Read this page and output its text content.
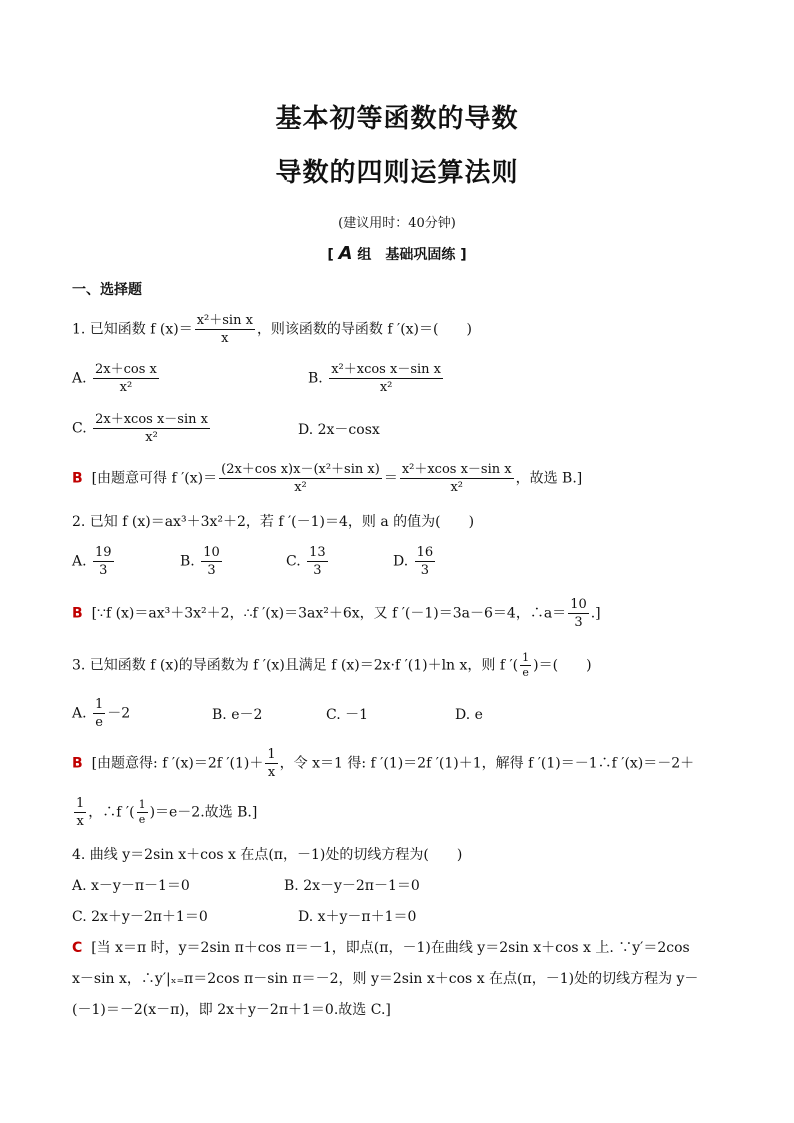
基本初等函数的导数
导数的四则运算法则
(建议用时：40分钟)
[ A 组　基础巩固练 ]
一、选择题
1. 已知函数 f $(x)= \frac{\text{x²＋sin x}}{x}$ ，则该函数的导函数 f ′(x)＝(　　)
A. $\frac{\text{2x＋cos x}}{\text{x²}}$	B. $\frac{\text{x²＋xcos x－sin x}}{\text{x²}}$
C. $\frac{\text{2x＋xcos x－sin x}}{\text{x²}}$	D. 2x－cosx
B [由题意可得 f $'(x)= \frac{\text{(2x＋cos x)x－(x²＋sin x)}}{\text{x²}} = \frac{\text{x²＋xcos x－sin x}}{\text{x²}}$ ，故选 B.]
2. 已知 f (x)＝ax³＋3x²＋2，若 f ′(－1)＝4，则 a 的值为(　　)
A. $\frac{19}{3}$	B. $\frac{10}{3}$	C. $\frac{13}{3}$	D. $\frac{16}{3}$
B [∵f (x)＝ax³＋3x²＋2，∴f ′(x)＝3ax²＋6x，又 f ′(－1)＝3a－6＝4，∴a＝ $\frac{10}{3}$ .]
3. 已知函数 f (x)的导函数为 f ′(x)且满足 f (x)＝2x·f ′(1)＋ln x，则 f ′( $\frac{1}{e}$ )＝(　　)
A. $\frac{1}{e} -2$	B. e－2	C. －1	D. e
B [由题意得: f ′(x)＝2f $'(1)+ \frac{1}{x}$ ，令 x＝1 得: f ′(1)＝2f ′(1)＋1，解得 f ′(1)＝－1∴f ′(x)＝－2＋
$\frac{1}{x}$ ，∴f ′( $\frac{1}{e} )=e-2$.故选 B.]
4. 曲线 y＝2sin x＋cos x 在点(π，－1)处的切线方程为(　　)
A. x－y－π－1＝0	B. 2x－y－2π－1＝0
C. 2x＋y－2π＋1＝0	D. x＋y－π＋1＝0
C [当 x＝π 时，y＝2sin π＋cos π＝－1，即点(π，－1)在曲线 y＝2sin x＋cos x 上. ∵y′＝2cos
x－sin x，∴y′|ₓ₌π＝2cos π－sin π＝－2，则 y＝2sin x＋cos x 在点(π，－1)处的切线方程为 y－
(－1)＝－2(x－π)，即 2x＋y－2π＋1＝0.故选 C.]
